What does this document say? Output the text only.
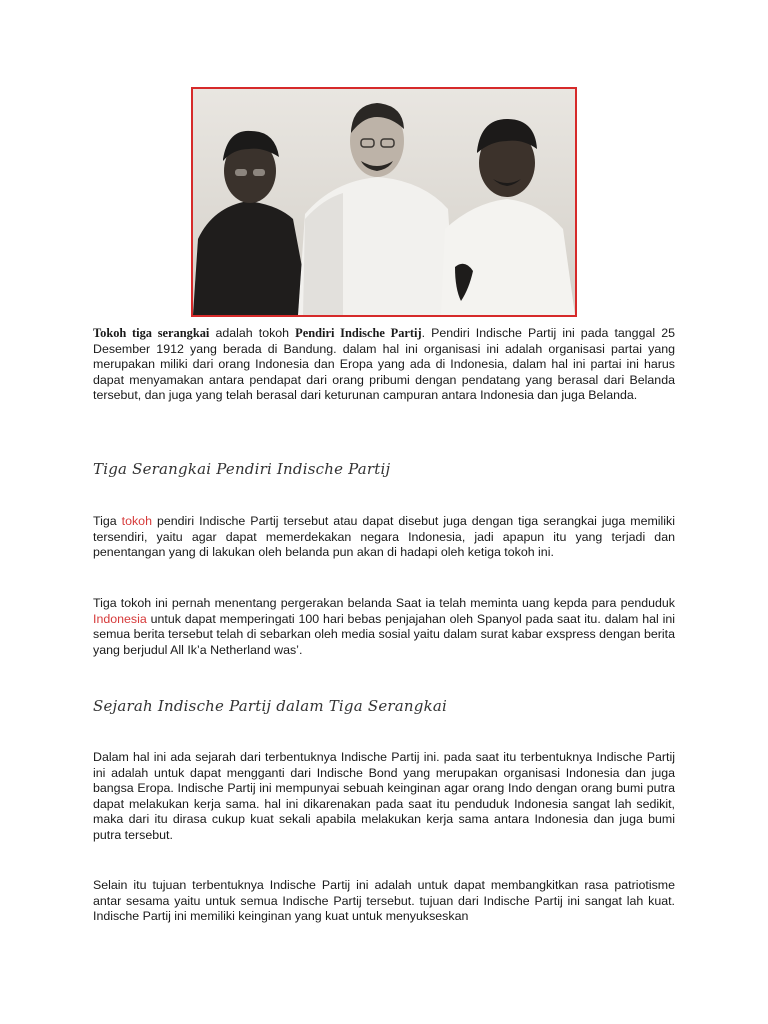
Tokoh tiga serangkai adalah tokoh Pendiri Indische Partij. Pendiri Indische Partij ini pada tanggal 25 Desember 1912 yang berada di Bandung. dalam hal ini organisasi ini adalah organisasi partai yang merupakan miliki dari orang Indonesia dan Eropa yang ada di Indonesia, dalam hal ini partai ini harus dapat menyamakan antara pendapat dari orang pribumi dengan pendatang yang berasal dari Belanda tersebut, dan juga yang telah berasal dari keturunan campuran antara Indonesia dan juga Belanda.

Tiga Serangkai Pendiri Indische Partij

Tiga tokoh pendiri Indische Partij tersebut atau dapat disebut juga dengan tiga serangkai juga memiliki tersendiri, yaitu agar dapat memerdekakan negara Indonesia, jadi apapun itu yang terjadi dan penentangan yang di lakukan oleh belanda pun akan di hadapi oleh ketiga tokoh ini.

Tiga tokoh ini pernah menentang pergerakan belanda Saat ia telah meminta uang kepda para penduduk Indonesia untuk dapat memperingati 100 hari bebas penjajahan oleh Spanyol pada saat itu. dalam hal ini semua berita tersebut telah di sebarkan oleh media sosial yaitu dalam surat kabar exspress dengan berita yang berjudul All Ik’a Netherland was’.

Sejarah Indische Partij dalam Tiga Serangkai

Dalam hal ini ada sejarah dari terbentuknya Indische Partij ini. pada saat itu terbentuknya Indische Partij ini adalah untuk dapat mengganti dari Indische Bond yang merupakan organisasi Indonesia dan juga bangsa Eropa. Indische Partij ini mempunyai sebuah keinginan agar orang Indo dengan orang bumi putra dapat melakukan kerja sama. hal ini dikarenakan pada saat itu penduduk Indonesia sangat lah sedikit, maka dari itu dirasa cukup kuat sekali apabila melakukan kerja sama antara Indonesia dan juga bumi putra tersebut.

Selain itu tujuan terbentuknya Indische Partij ini adalah untuk dapat membangkitkan rasa patriotisme antar sesama yaitu untuk semua Indische Partij tersebut. tujuan dari Indische Partij ini sangat lah kuat. Indische Partij ini memiliki keinginan yang kuat untuk menyukseskan
